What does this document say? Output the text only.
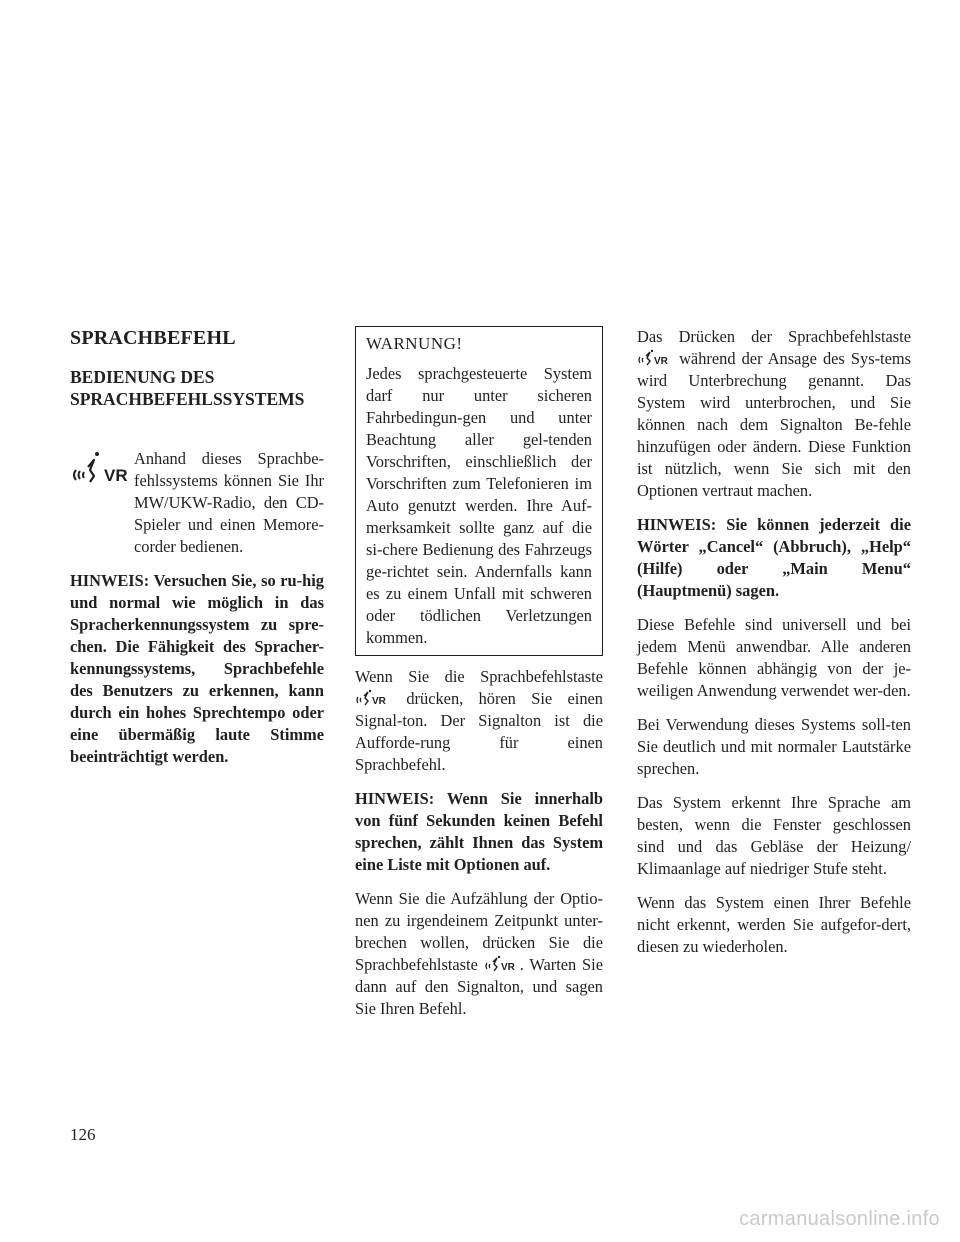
SPRACHBEFEHL
BEDIENUNG DES SPRACHBEFEHLSSYSTEMS
VR

Anhand dieses Sprachbe-fehlssystems können Sie Ihr MW/UKW-Radio, den CD-Spieler und einen Memore-corder bedienen.

HINWEIS: Versuchen Sie, so ru-hig und normal wie möglich in das Spracherkennungssystem zu spre-chen. Die Fähigkeit des Spracher-kennungssystems, Sprachbefehle des Benutzers zu erkennen, kann durch ein hohes Sprechtempo oder eine übermäßig laute Stimme beeinträchtigt werden.

WARNUNG!

Jedes sprachgesteuerte System darf nur unter sicheren Fahrbedingun-gen und unter Beachtung aller gel-tenden Vorschriften, einschließlich der Vorschriften zum Telefonieren im Auto genutzt werden. Ihre Auf-merksamkeit sollte ganz auf die si-chere Bedienung des Fahrzeugs ge-richtet sein. Andernfalls kann es zu einem Unfall mit schweren oder tödlichen Verletzungen kommen.

Wenn Sie die Sprachbefehlstaste
VR drücken, hören Sie einen Signal-ton. Der Signalton ist die Aufforde-rung für einen Sprachbefehl.

HINWEIS: Wenn Sie innerhalb von fünf Sekunden keinen Befehl sprechen, zählt Ihnen das System eine Liste mit Optionen auf.

Wenn Sie die Aufzählung der Optio-nen zu irgendeinem Zeitpunkt unter-brechen wollen, drücken Sie die Sprachbefehlstaste VR . Warten Sie dann auf den Signalton, und sagen Sie Ihren Befehl.

Das Drücken der Sprachbefehlstaste
VR während der Ansage des Sys-tems wird Unterbrechung genannt. Das System wird unterbrochen, und Sie können nach dem Signalton Be-fehle hinzufügen oder ändern. Diese Funktion ist nützlich, wenn Sie sich mit den Optionen vertraut machen.

HINWEIS: Sie können jederzeit die Wörter „Cancel“ (Abbruch), „Help“ (Hilfe) oder „Main Menu“ (Hauptmenü) sagen.

Diese Befehle sind universell und bei jedem Menü anwendbar. Alle anderen Befehle können abhängig von der je-weiligen Anwendung verwendet wer-den.

Bei Verwendung dieses Systems soll-ten Sie deutlich und mit normaler Lautstärke sprechen.

Das System erkennt Ihre Sprache am besten, wenn die Fenster geschlossen sind und das Gebläse der Heizung/ Klimaanlage auf niedriger Stufe steht.

Wenn das System einen Ihrer Befehle nicht erkennt, werden Sie aufgefor-dert, diesen zu wiederholen.

126
carmanualsonline.info
